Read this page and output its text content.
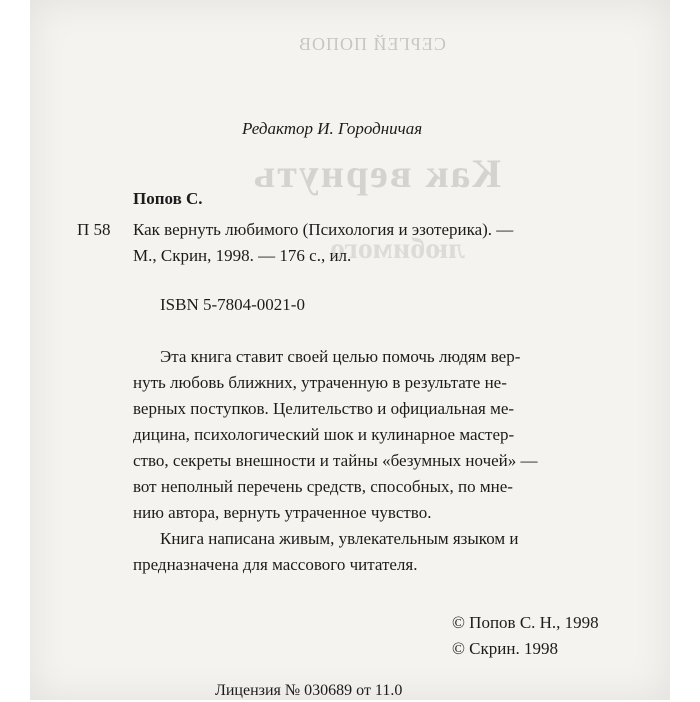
СЕРГЕЙ ПОПОВ
Как вернуть
любимого
Редактор И. Городничая
Попов С.
П 58 Как вернуть любимого (Психология и эзотерика). —
М., Скрин, 1998. — 176 с., ил.
ISBN 5-7804-0021-0
Эта книга ставит своей целью помочь людям вер-
нуть любовь ближних, утраченную в результате не-
верных поступков. Целительство и официальная ме-
дицина, психологический шок и кулинарное мастер-
ство, секреты внешности и тайны «безумных ночей» —
вот неполный перечень средств, способных, по мне-
нию автора, вернуть утраченное чувство.
Книга написана живым, увлекательным языком и
предназначена для массового читателя.
© Попов С. Н., 1998
© Скрин. 1998
Лицензия № 030689 от 11.0
